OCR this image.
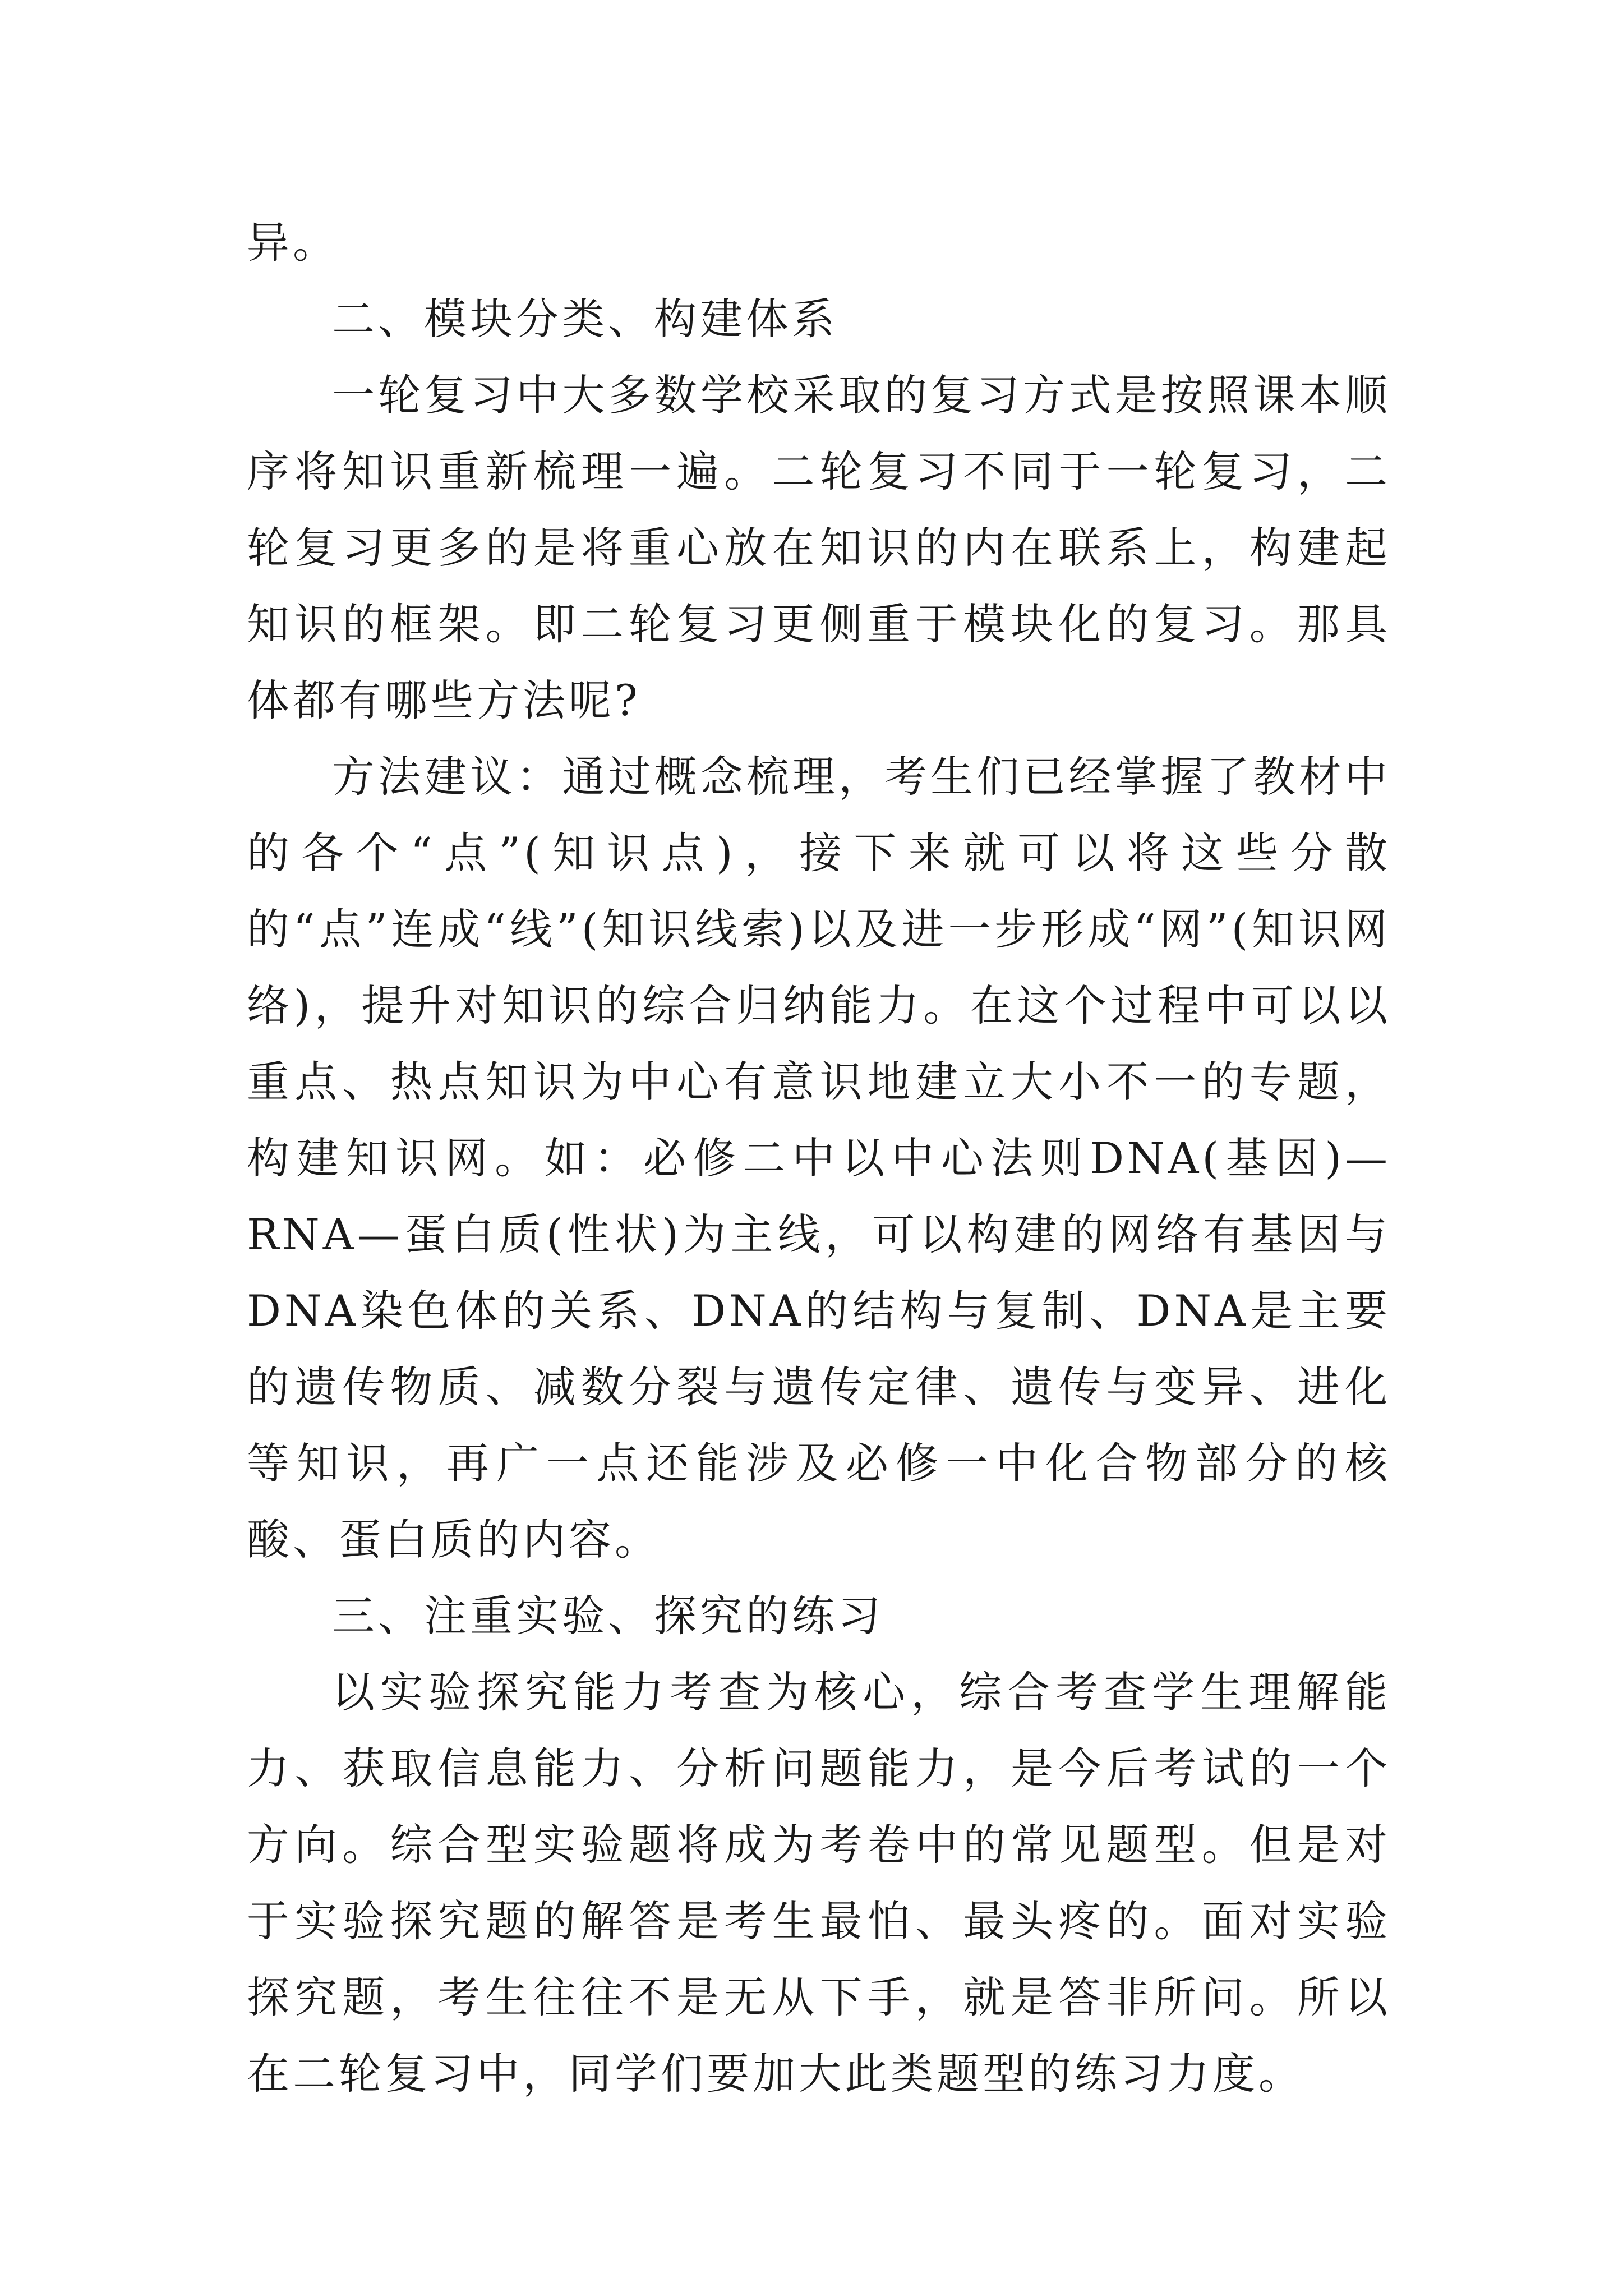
异。

二、模块分类、构建体系

一轮复习中大多数学校采取的复习方式是按照课本顺序将知识重新梳理一遍。二轮复习不同于一轮复习，二轮复习更多的是将重心放在知识的内在联系上，构建起知识的框架。即二轮复习更侧重于模块化的复习。那具体都有哪些方法呢?

方法建议：通过概念梳理，考生们已经掌握了教材中的各个“点”(知识点)，接下来就可以将这些分散的“点”连成“线”(知识线索)以及进一步形成“网”(知识网络)，提升对知识的综合归纳能力。在这个过程中可以以重点、热点知识为中心有意识地建立大小不一的专题，构建知识网。如：必修二中以中心法则DNA(基因)—RNA—蛋白质(性状)为主线，可以构建的网络有基因与DNA染色体的关系、DNA的结构与复制、DNA是主要的遗传物质、减数分裂与遗传定律、遗传与变异、进化等知识，再广一点还能涉及必修一中化合物部分的核酸、蛋白质的内容。

三、注重实验、探究的练习

以实验探究能力考查为核心，综合考查学生理解能力、获取信息能力、分析问题能力，是今后考试的一个方向。综合型实验题将成为考卷中的常见题型。但是对于实验探究题的解答是考生最怕、最头疼的。面对实验探究题，考生往往不是无从下手，就是答非所问。所以在二轮复习中，同学们要加大此类题型的练习力度。
